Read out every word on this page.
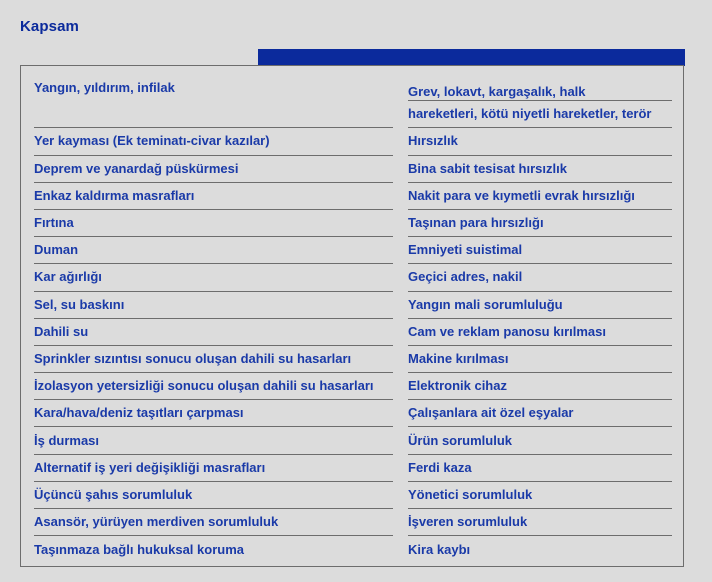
Kapsam
Yangın, yıldırım, infilak
Yer kayması (Ek teminatı-civar kazılar)
Deprem ve yanardağ püskürmesi
Enkaz kaldırma masrafları
Fırtına
Duman
Kar ağırlığı
Sel, su baskını
Dahili su
Sprinkler sızıntısı sonucu oluşan dahili su hasarları
İzolasyon yetersizliği sonucu oluşan dahili su hasarları
Kara/hava/deniz taşıtları çarpması
İş durması
Alternatif iş yeri değişikliği masrafları
Üçüncü şahıs sorumluluk
Asansör, yürüyen merdiven sorumluluk
Taşınmaza bağlı hukuksal koruma
Grev, lokavt, kargaşalık, halk
hareketleri, kötü niyetli hareketler, terör
Hırsızlık
Bina sabit tesisat hırsızlık
Nakit para ve kıymetli evrak hırsızlığı
Taşınan para hırsızlığı
Emniyeti suistimal
Geçici adres, nakil
Yangın mali sorumluluğu
Cam ve reklam panosu kırılması
Makine kırılması
Elektronik cihaz
Çalışanlara ait özel eşyalar
Ürün sorumluluk
Ferdi kaza
Yönetici sorumluluk
İşveren sorumluluk
Kira kaybı
